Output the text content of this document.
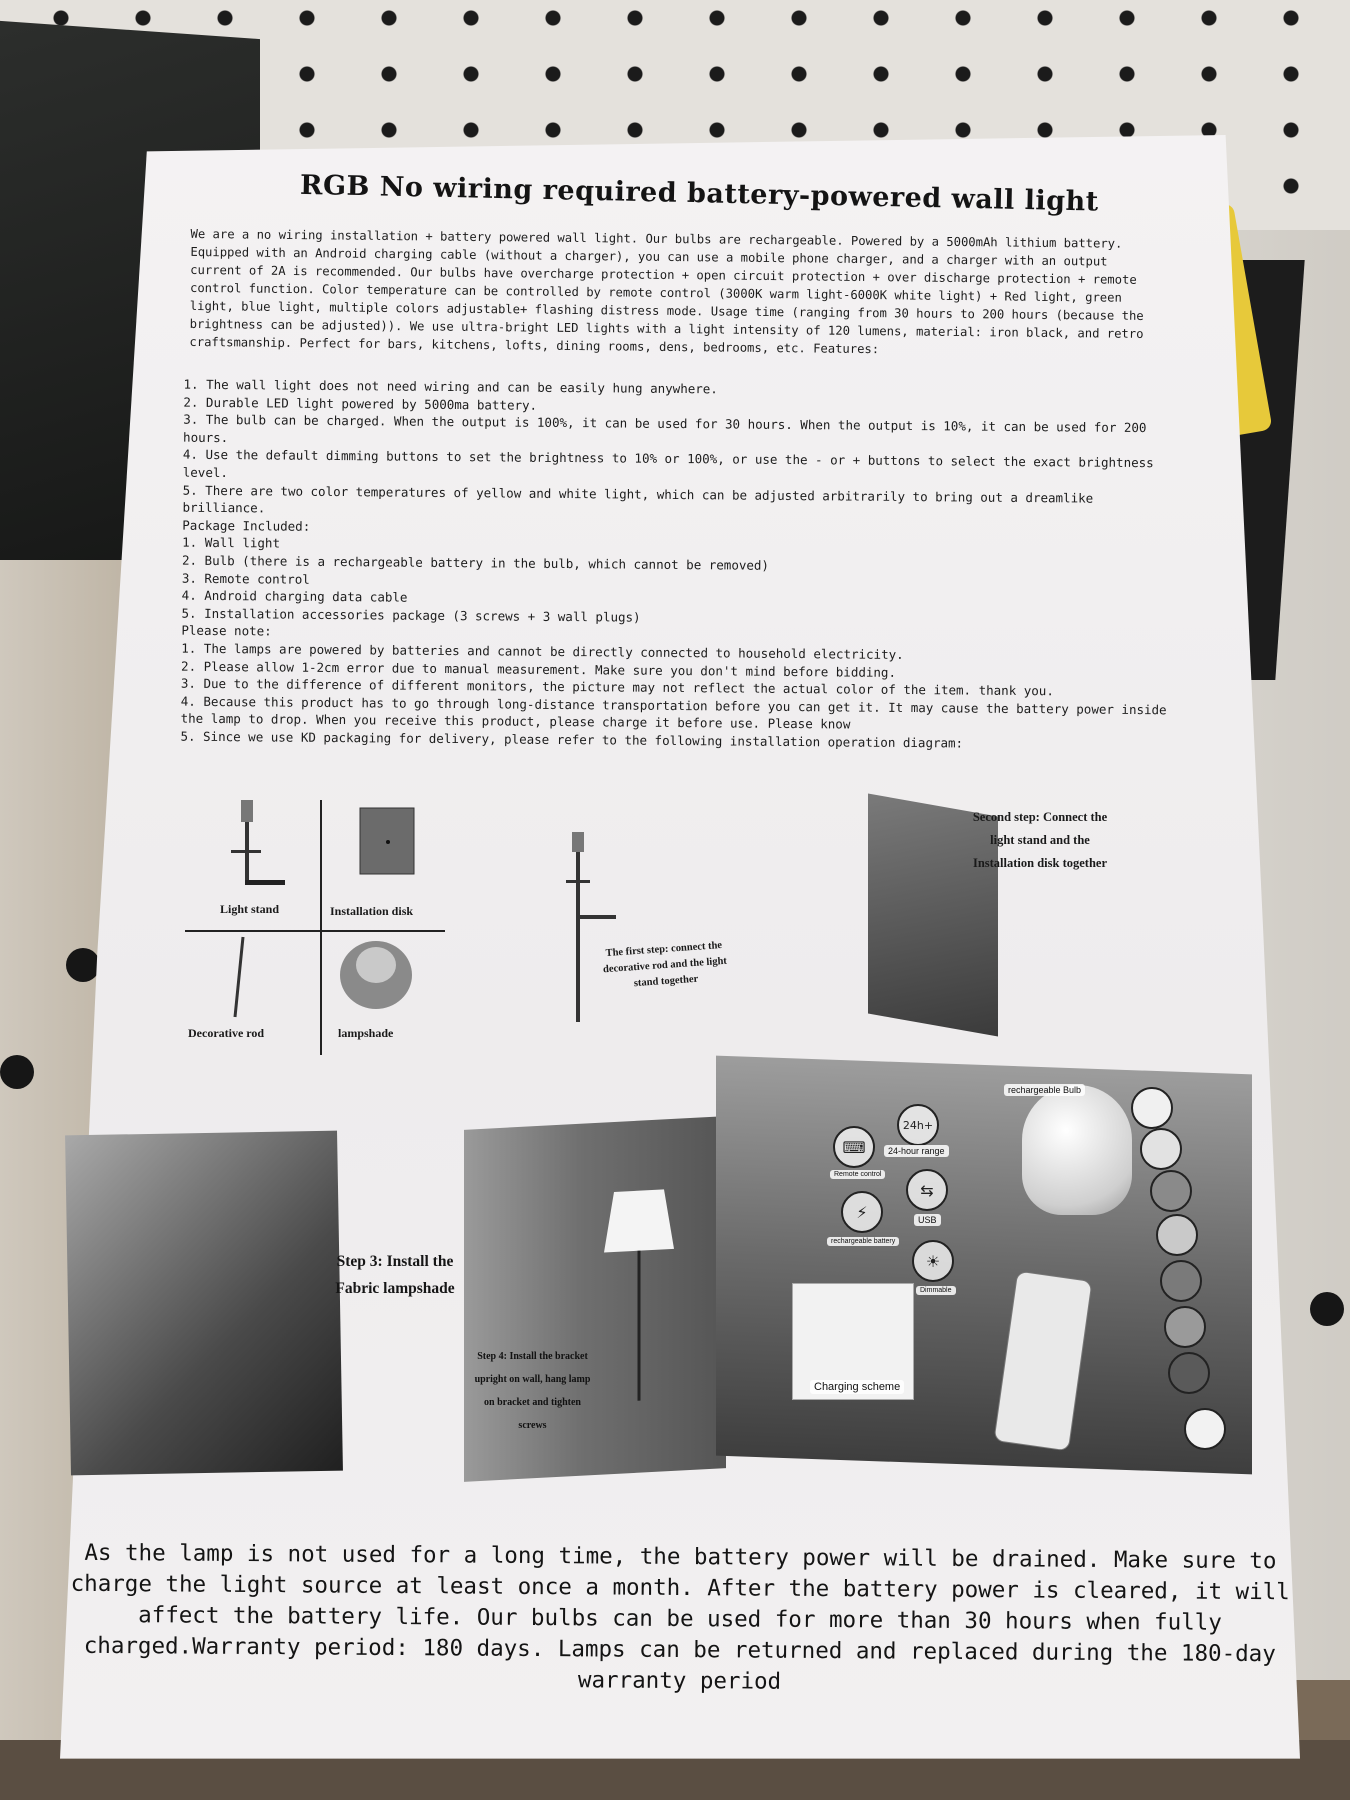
RGB No wiring required battery-powered wall light

We are a no wiring installation + battery powered wall light. Our bulbs are rechargeable. Powered by a 5000mAh lithium battery. Equipped with an Android charging cable (without a charger), you can use a mobile phone charger, and a charger with an output current of 2A is recommended. Our bulbs have overcharge protection + open circuit protection + over discharge protection + remote control function. Color temperature can be controlled by remote control (3000K warm light-6000K white light) + Red light, green light, blue light, multiple colors adjustable+ flashing distress mode. Usage time (ranging from 30 hours to 200 hours (because the brightness can be adjusted)). We use ultra-bright LED lights with a light intensity of 120 lumens, material: iron black, and retro craftsmanship. Perfect for bars, kitchens, lofts, dining rooms, dens, bedrooms, etc. Features:

1. The wall light does not need wiring and can be easily hung anywhere.
2. Durable LED light powered by 5000ma battery.
3. The bulb can be charged. When the output is 100%, it can be used for 30 hours. When the output is 10%, it can be used for 200 hours.
4. Use the default dimming buttons to set the brightness to 10% or 100%, or use the - or + buttons to select the exact brightness level.
5. There are two color temperatures of yellow and white light, which can be adjusted arbitrarily to bring out a dreamlike brilliance.
Package Included:
1. Wall light
2. Bulb (there is a rechargeable battery in the bulb, which cannot be removed)
3. Remote control
4. Android charging data cable
5. Installation accessories package (3 screws + 3 wall plugs)
Please note:
1. The lamps are powered by batteries and cannot be directly connected to household electricity.
2. Please allow 1-2cm error due to manual measurement. Make sure you don't mind before bidding.
3. Due to the difference of different monitors, the picture may not reflect the actual color of the item. thank you.
4. Because this product has to go through long-distance transportation before you can get it. It may cause the battery power inside the lamp to drop. When you receive this product, please charge it before use. Please know
5. Since we use KD packaging for delivery, please refer to the following installation operation diagram:
Light stand	Installation disk
Decorative rod	lampshade
The first step: connect the decorative rod and the light stand together
Second step: Connect the light stand and the Installation disk together
Step 3: Install the Fabric lampshade
Step 4: Install the bracket upright on wall, hang lamp on bracket and tighten screws
rechargeable Bulb
24h+
24-hour range
⌨
Remote control
⇆
USB
⚡
rechargeable battery
☀
Dimmable
Charging scheme
As the lamp is not used for a long time, the battery power will be drained. Make sure to charge the light source at least once a month. After the battery power is cleared, it will affect the battery life. Our bulbs can be used for more than 30 hours when fully charged.Warranty period: 180 days. Lamps can be returned and replaced during the 180-day warranty period
